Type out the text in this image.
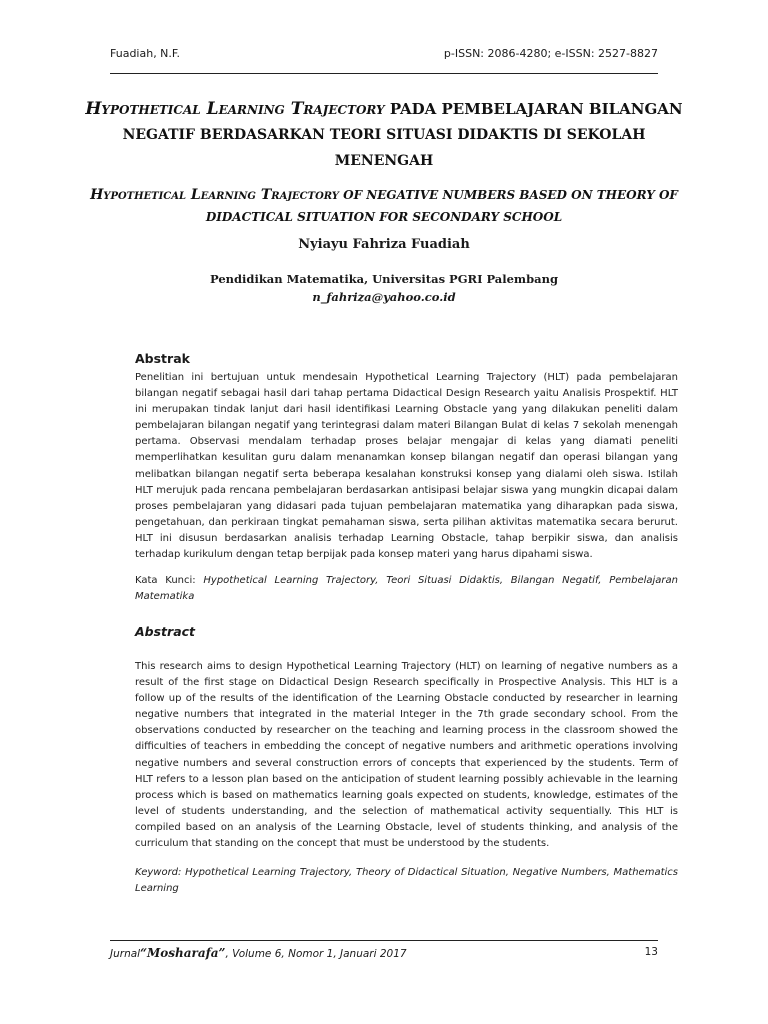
Fuadiah, N.F.	p-ISSN: 2086-4280; e-ISSN: 2527-8827
Hypothetical Learning Trajectory PADA PEMBELAJARAN BILANGAN
NEGATIF BERDASARKAN TEORI SITUASI DIDAKTIS DI SEKOLAH MENENGAH
Hypothetical Learning Trajectory OF NEGATIVE NUMBERS BASED ON THEORY OF
DIDACTICAL SITUATION FOR SECONDARY SCHOOL
Nyiayu Fahriza Fuadiah
Pendidikan Matematika, Universitas PGRI Palembang
n_fahriza@yahoo.co.id
Abstrak
Penelitian ini bertujuan untuk mendesain Hypothetical Learning Trajectory (HLT) pada pembelajaran bilangan negatif sebagai hasil dari tahap pertama Didactical Design Research yaitu Analisis Prospektif. HLT ini merupakan tindak lanjut dari hasil identifikasi Learning Obstacle yang yang dilakukan peneliti dalam pembelajaran bilangan negatif yang terintegrasi dalam materi Bilangan Bulat di kelas 7 sekolah menengah pertama. Observasi mendalam terhadap proses belajar mengajar di kelas yang diamati peneliti memperlihatkan kesulitan guru dalam menanamkan konsep bilangan negatif dan operasi bilangan yang melibatkan bilangan negatif serta beberapa kesalahan konstruksi konsep yang dialami oleh siswa. Istilah HLT merujuk pada rencana pembelajaran berdasarkan antisipasi belajar siswa yang mungkin dicapai dalam proses pembelajaran yang didasari pada tujuan pembelajaran matematika yang diharapkan pada siswa, pengetahuan, dan perkiraan tingkat pemahaman siswa, serta pilihan aktivitas matematika secara berurut. HLT ini disusun berdasarkan analisis terhadap Learning Obstacle, tahap berpikir siswa, dan analisis terhadap kurikulum dengan tetap berpijak pada konsep materi yang harus dipahami siswa.
Kata Kunci: Hypothetical Learning Trajectory, Teori Situasi Didaktis, Bilangan Negatif, Pembelajaran Matematika
Abstract
This research aims to design Hypothetical Learning Trajectory (HLT) on learning of negative numbers as a result of the first stage on Didactical Design Research specifically in Prospective Analysis. This HLT is a follow up of the results of the identification of the Learning Obstacle conducted by researcher in learning negative numbers that integrated in the material Integer in the 7th grade secondary school. From the observations conducted by researcher on the teaching and learning process in the classroom showed the difficulties of teachers in embedding the concept of negative numbers and arithmetic operations involving negative numbers and several construction errors of concepts that experienced by the students. Term of HLT refers to a lesson plan based on the anticipation of student learning possibly achievable in the learning process which is based on mathematics learning goals expected on students, knowledge, estimates of the level of students understanding, and the selection of mathematical activity sequentially. This HLT is compiled based on an analysis of the Learning Obstacle, level of students thinking, and analysis of the curriculum that standing on the concept that must be understood by the students.
Keyword: Hypothetical Learning Trajectory, Theory of Didactical Situation, Negative Numbers, Mathematics Learning
Jurnal“Mosharafa”, Volume 6, Nomor 1, Januari 2017	13
